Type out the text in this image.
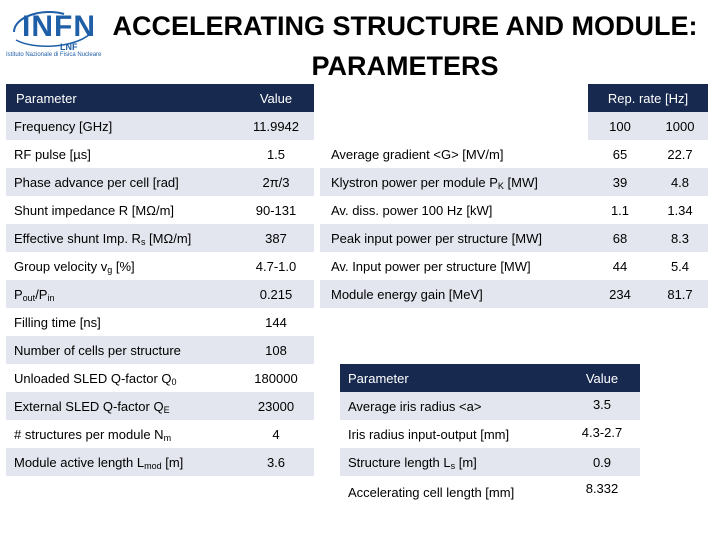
INFN
LNF
Istituto Nazionale di Fisica Nucleare
ACCELERATING STRUCTURE AND MODULE: PARAMETERS
Parameter	Value
Frequency [GHz]	11.9942
RF pulse [µs]	1.5
Phase advance per cell [rad]	2π/3
Shunt impedance R [MΩ/m]	90-131
Effective shunt Imp. $R_s$ [MΩ/m]	387
Group velocity $v_g$ [%]	4.7-1.0
$P_{out}/P_{in}$	0.215
Filling time [ns]	144
Number of cells per structure	108
Unloaded SLED Q-factor $Q_0$	180000
External SLED Q-factor $Q_E$	23000
# structures per module $N_m$	4
Module active length $L_{mod}$ [m]	3.6
Rep. rate [Hz]
100	1000
Average gradient <G> [MV/m]	65	22.7
Klystron power per module $P_K$ [MW]	39	4.8
Av. diss. power 100 Hz [kW]	1.1	1.34
Peak input power per structure [MW]	68	8.3
Av. Input power per structure [MW]	44	5.4
Module energy gain [MeV]	234	81.7
Parameter	Value
Average iris radius <a>	3.5
Iris radius input-output [mm]	4.3-2.7
Structure length $L_s$ [m]	0.9
Accelerating cell length [mm]	8.332
